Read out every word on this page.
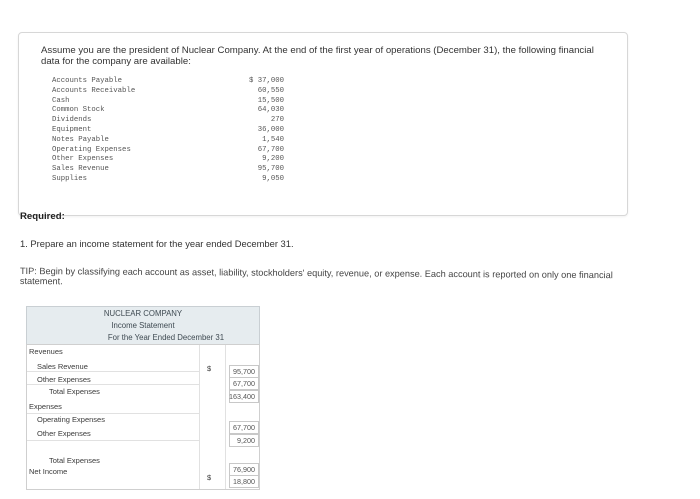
Assume you are the president of Nuclear Company. At the end of the first year of operations (December 31), the following financial data for the company are available:
Accounts Payable
Accounts Receivable
Cash
Common Stock
Dividends
Equipment
Notes Payable
Operating Expenses
Other Expenses
Sales Revenue
Supplies
$ 37,000
60,550
15,500
64,030
270
36,000
1,540
67,700
9,200
95,700
9,050
Required:
1. Prepare an income statement for the year ended December 31.
TIP: Begin by classifying each account as asset, liability, stockholders' equity, revenue, or expense. Each account is reported on only one financial statement.
NUCLEAR COMPANY
Income Statement
For the Year Ended December 31
Revenues
Sales Revenue
Other Expenses
Total Expenses
Expenses
Operating Expenses
Other Expenses
Total Expenses
Net Income
$
$
95,700
67,700
163,400
67,700
9,200
76,900
18,800
